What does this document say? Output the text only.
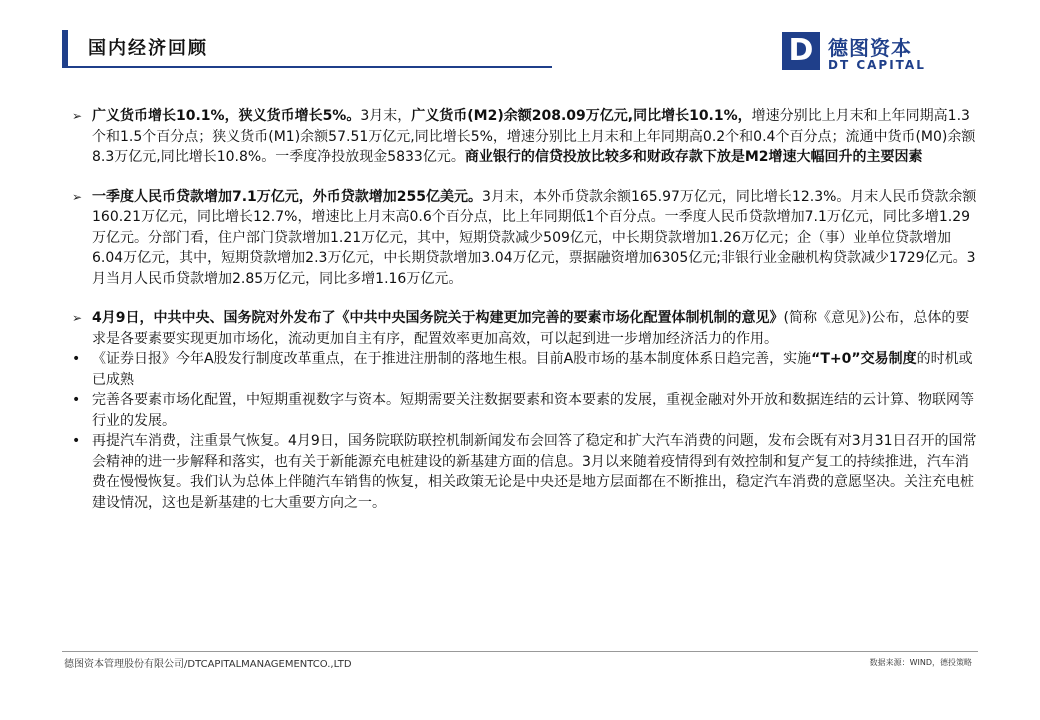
国内经济回顾	D 德图资本
DT CAPITAL
➢ 广义货币增长10.1%，狭义货币增长5%。3月末，广义货币(M2)余额208.09万亿元,同比增长10.1%，增速分别比上月末和上年同期高1.3个和1.5个百分点；狭义货币(M1)余额57.51万亿元,同比增长5%，增速分别比上月末和上年同期高0.2个和0.4个百分点；流通中货币(M0)余额8.3万亿元,同比增长10.8%。一季度净投放现金5833亿元。商业银行的信贷投放比较多和财政存款下放是M2增速大幅回升的主要因素
➢ 一季度人民币贷款增加7.1万亿元，外币贷款增加255亿美元。3月末，本外币贷款余额165.97万亿元，同比增长12.3%。月末人民币贷款余额160.21万亿元，同比增长12.7%，增速比上月末高0.6个百分点，比上年同期低1个百分点。一季度人民币贷款增加7.1万亿元，同比多增1.29万亿元。分部门看，住户部门贷款增加1.21万亿元，其中，短期贷款减少509亿元，中长期贷款增加1.26万亿元；企（事）业单位贷款增加6.04万亿元，其中，短期贷款增加2.3万亿元，中长期贷款增加3.04万亿元，票据融资增加6305亿元;非银行业金融机构贷款减少1729亿元。3月当月人民币贷款增加2.85万亿元，同比多增1.16万亿元。
➢ 4月9日，中共中央、国务院对外发布了《中共中央国务院关于构建更加完善的要素市场化配置体制机制的意见》(简称《意见》)公布，总体的要求是各要素要实现更加市场化，流动更加自主有序，配置效率更加高效，可以起到进一步增加经济活力的作用。
• 《证券日报》今年A股发行制度改革重点，在于推进注册制的落地生根。目前A股市场的基本制度体系日趋完善，实施“T+0”交易制度的时机或已成熟
• 完善各要素市场化配置，中短期重视数字与资本。短期需要关注数据要素和资本要素的发展，重视金融对外开放和数据连结的云计算、物联网等行业的发展。
• 再提汽车消费，注重景气恢复。4月9日，国务院联防联控机制新闻发布会回答了稳定和扩大汽车消费的问题，发布会既有对3月31日召开的国常会精神的进一步解释和落实，也有关于新能源充电桩建设的新基建方面的信息。3月以来随着疫情得到有效控制和复产复工的持续推进，汽车消费在慢慢恢复。我们认为总体上伴随汽车销售的恢复，相关政策无论是中央还是地方层面都在不断推出，稳定汽车消费的意愿坚决。关注充电桩建设情况，这也是新基建的七大重要方向之一。
德图资本管理股份有限公司/DTCAPITALMANAGEMENTCO.,LTD	数据来源：WIND，德投策略
